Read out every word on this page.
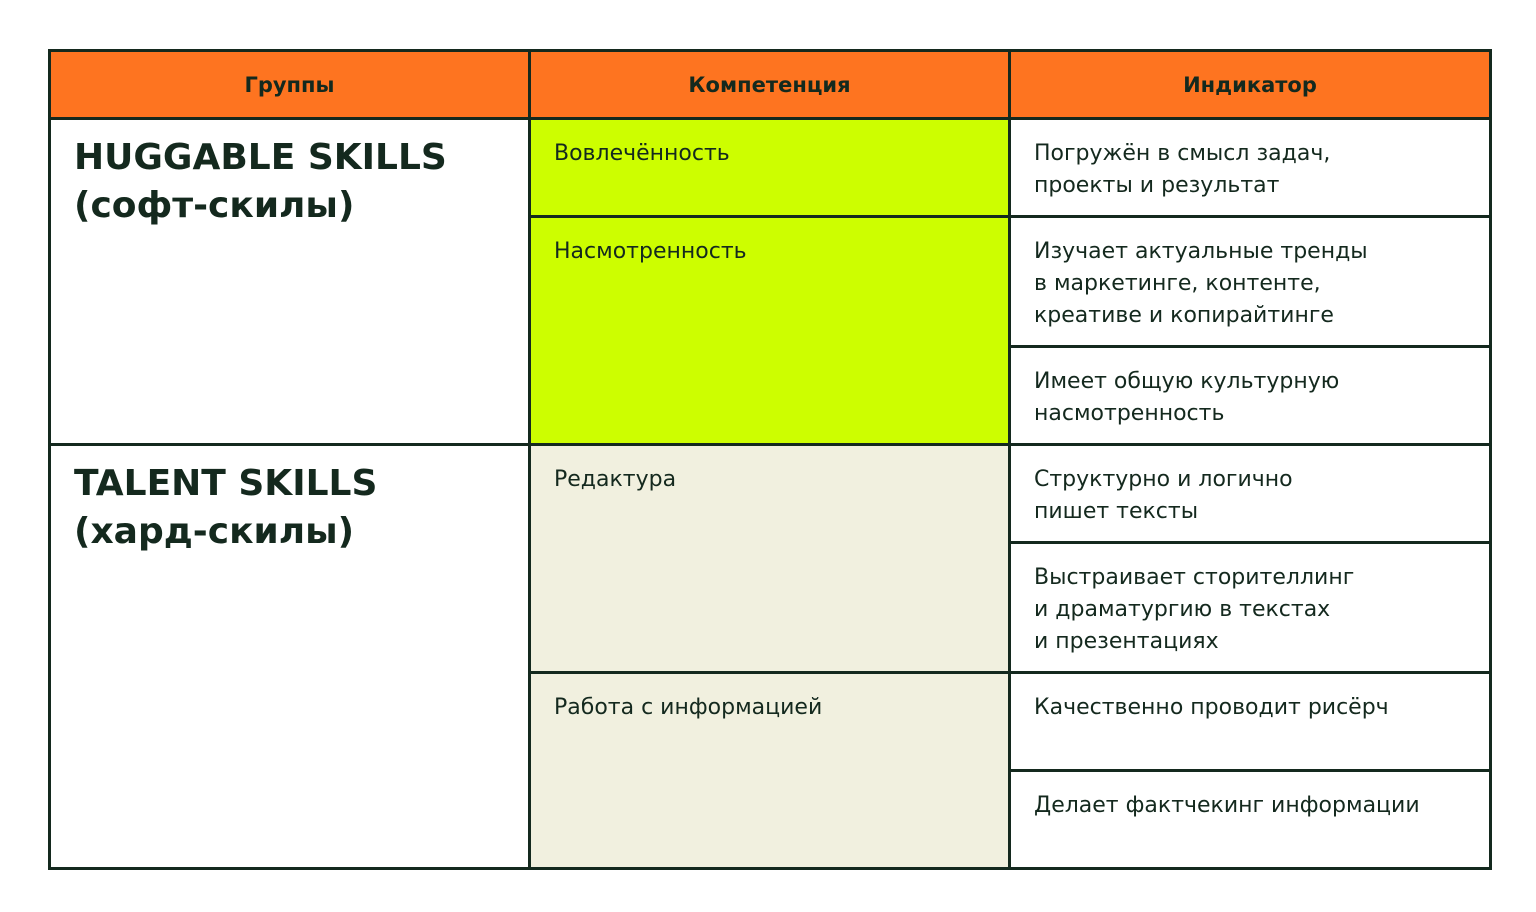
Группы	Компетенция	Индикатор

HUGGABLE SKILLS
(софт-скилы)	Вовлечённость	Погружён в смысл задач,
проекты и результат
	Насмотренность	Изучает актуальные тренды
в маркетинге, контенте,
креативе и копирайтинге
		Имеет общую культурную
насмотренность

TALENT SKILLS
(хард-скилы)	Редактура	Структурно и логично
пишет тексты
		Выстраивает сторителлинг
и драматургию в текстах
и презентациях
	Работа с информацией	Качественно проводит рисёрч
		Делает фактчекинг информации
